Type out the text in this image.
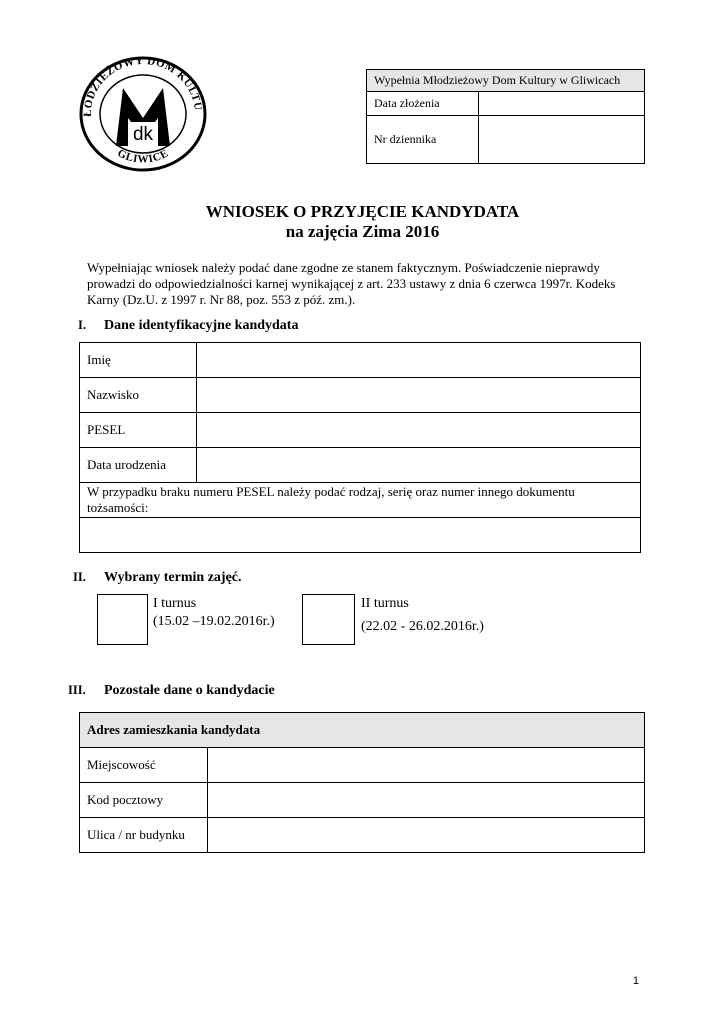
ŁODZIEŻOWY DOM KULTU
GLIWICE
dk
Wypełnia Młodzieżowy Dom Kultury w Gliwicach	
Data złożenia	
Nr dziennika	
WNIOSEK O PRZYJĘCIE KANDYDATA
na zajęcia Zima 2016
Wypełniając wniosek należy podać dane zgodne ze stanem faktycznym. Poświadczenie nieprawdy prowadzi do odpowiedzialności karnej wynikającej z art. 233 ustawy z dnia 6 czerwca 1997r. Kodeks Karny (Dz.U. z 1997 r. Nr 88, poz. 553 z póź. zm.).
I. Dane identyfikacyjne kandydata
Imię	
Nazwisko	
PESEL	
Data urodzenia	
W przypadku braku numeru PESEL należy podać rodzaj, serię oraz numer innego dokumentu tożsamości:	

II. Wybrany termin zajęć.
I turnus
(15.02 –19.02.2016r.)
II turnus
(22.02 - 26.02.2016r.)
III. Pozostałe dane o kandydacie
Adres zamieszkania kandydata	
Miejscowość	
Kod pocztowy	
Ulica / nr budynku	
1
